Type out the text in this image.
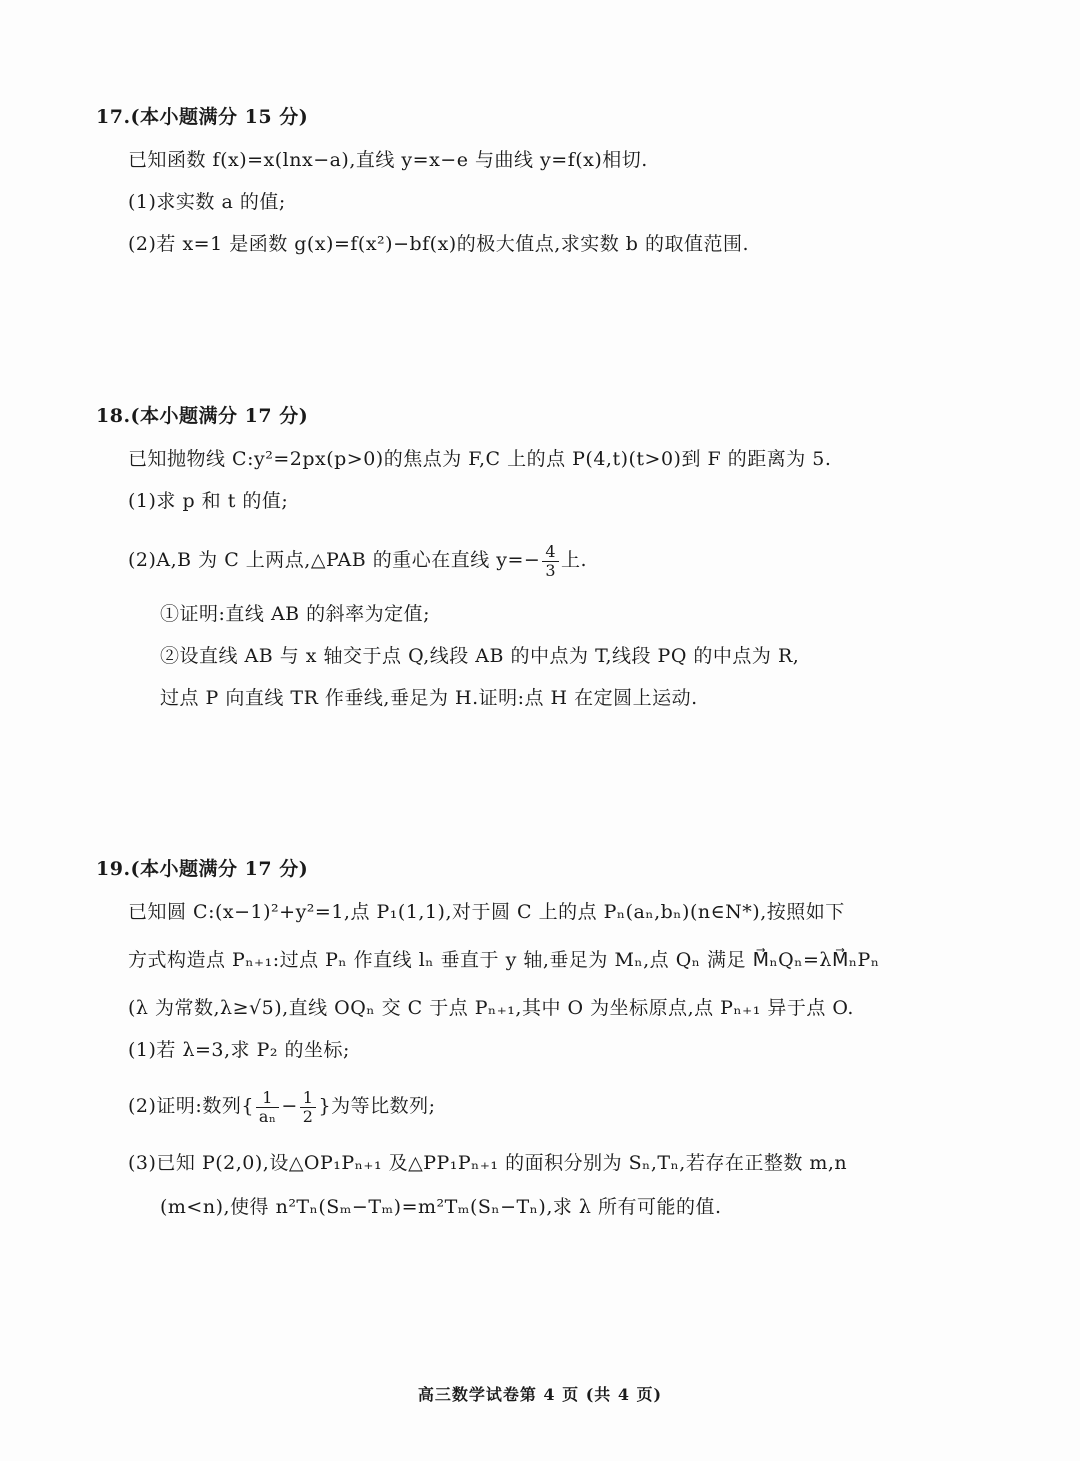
17.(本小题满分 15 分)
已知函数 f(x)=x(lnx−a),直线 y=x−e 与曲线 y=f(x)相切.
(1)求实数 a 的值;
(2)若 x=1 是函数 g(x)=f(x²)−bf(x)的极大值点,求实数 b 的取值范围.
18.(本小题满分 17 分)
已知抛物线 C:y²=2px(p>0)的焦点为 F,C 上的点 P(4,t)(t>0)到 F 的距离为 5.
(1)求 p 和 t 的值;
(2)A,B 为 C 上两点,△PAB 的重心在直线 $y=- \frac{4}{3}$ 上.
①证明:直线 AB 的斜率为定值;
②设直线 AB 与 x 轴交于点 Q,线段 AB 的中点为 T,线段 PQ 的中点为 R,
过点 P 向直线 TR 作垂线,垂足为 H.证明:点 H 在定圆上运动.
19.(本小题满分 17 分)
已知圆 C:(x−1)²+y²=1,点 P₁(1,1),对于圆 C 上的点 Pₙ(aₙ,bₙ)(n∈N*),按照如下
方式构造点 Pₙ₊₁:过点 Pₙ 作直线 lₙ 垂直于 y 轴,垂足为 Mₙ,点 Qₙ 满足 M⃗ₙQₙ=λM⃗ₙPₙ
(λ 为常数,λ≥√5),直线 OQₙ 交 C 于点 Pₙ₊₁,其中 O 为坐标原点,点 Pₙ₊₁ 异于点 O.
(1)若 λ=3,求 P₂ 的坐标;
(2)证明:数列{ $\frac{1}{\text{aₙ}} - \frac{1}{2}$ }为等比数列;
(3)已知 P(2,0),设△OP₁Pₙ₊₁ 及△PP₁Pₙ₊₁ 的面积分别为 Sₙ,Tₙ,若存在正整数 m,n
(m<n),使得 n²Tₙ(Sₘ−Tₘ)=m²Tₘ(Sₙ−Tₙ),求 λ 所有可能的值.
高三数学试卷第 4 页 (共 4 页)
